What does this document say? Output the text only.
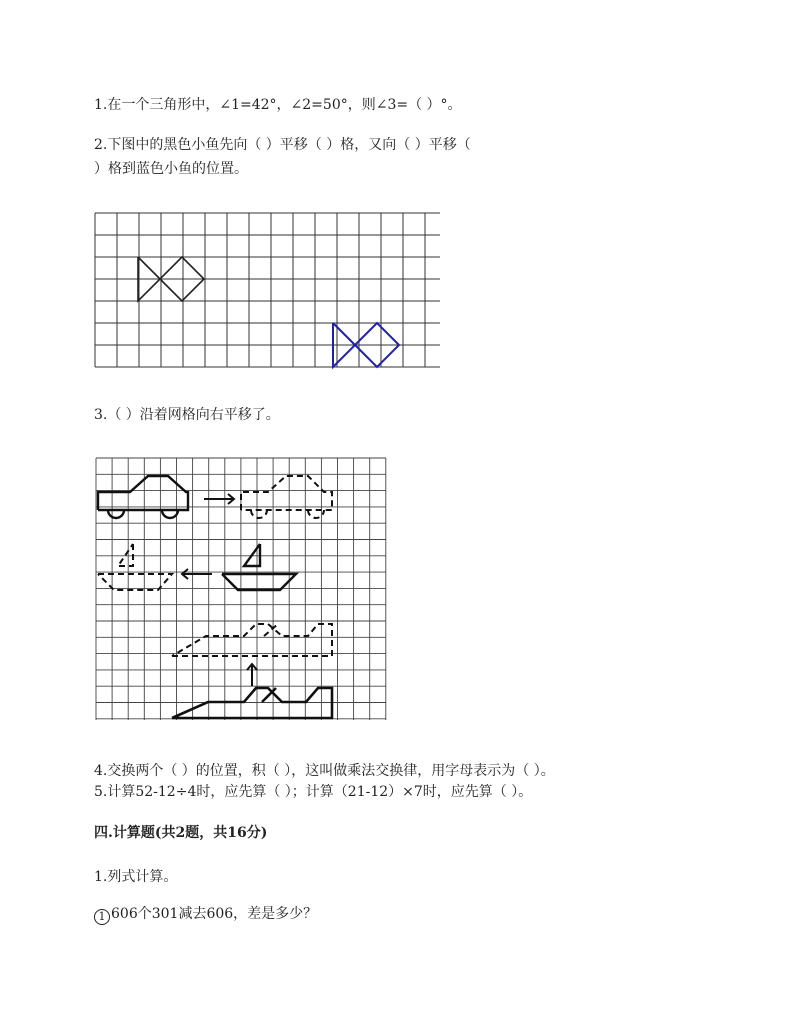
1.在一个三角形中，∠1=42°，∠2=50°，则∠3=（ ）°。
2.下图中的黑色小鱼先向（ ）平移（ ）格，又向（ ）平移（
）格到蓝色小鱼的位置。
3.（ ）沿着网格向右平移了。
4.交换两个（ ）的位置，积（ ），这叫做乘法交换律，用字母表示为（ ）。
5.计算52-12÷4时，应先算（ ）；计算（21-12）×7时，应先算（ ）。
四.计算题(共2题，共16分)
1.列式计算。
1 606个301减去606，差是多少？
